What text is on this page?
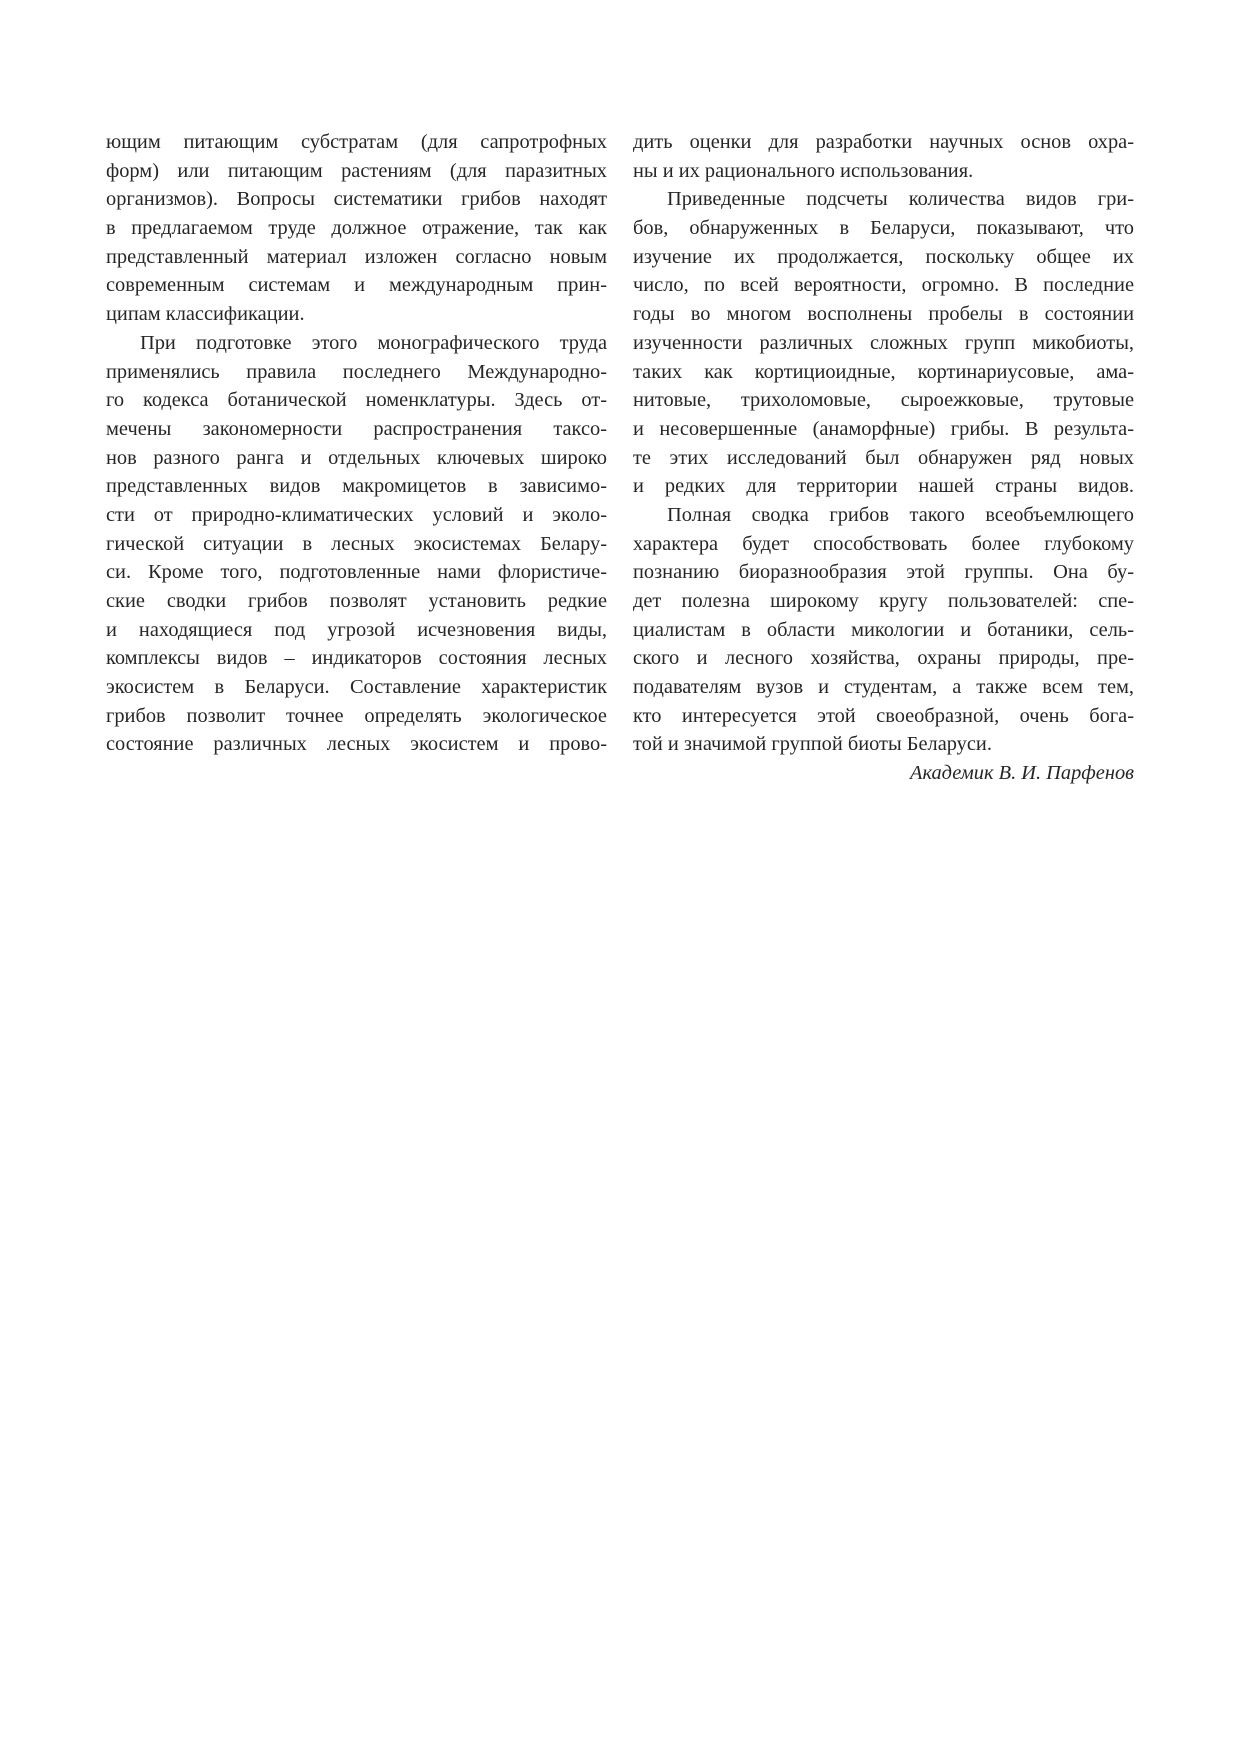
ющим питающим субстратам (для сапротрофных
форм) или питающим растениям (для паразитных
организмов). Вопросы систематики грибов находят
в предлагаемом труде должное отражение, так как
представленный материал изложен согласно новым
современным системам и международным прин-
ципам классификации.
При подготовке этого монографического труда
применялись правила последнего Международно-
го кодекса ботанической номенклатуры. Здесь от-
мечены закономерности распространения таксо-
нов разного ранга и отдельных ключевых широко
представленных видов макромицетов в зависимо-
сти от природно-климатических условий и эколо-
гической ситуации в лесных экосистемах Белару-
си. Кроме того, подготовленные нами флористиче-
ские сводки грибов позволят установить редкие
и находящиеся под угрозой исчезновения виды,
комплексы видов – индикаторов состояния лесных
экосистем в Беларуси. Составление характеристик
грибов позволит точнее определять экологическое
состояние различных лесных экосистем и прово-
дить оценки для разработки научных основ охра-
ны и их рационального использования.
Приведенные подсчеты количества видов гри-
бов, обнаруженных в Беларуси, показывают, что
изучение их продолжается, поскольку общее их
число, по всей вероятности, огромно. В последние
годы во многом восполнены пробелы в состоянии
изученности различных сложных групп микобиоты,
таких как кортициоидные, кортинариусовые, ама-
нитовые, трихоломовые, сыроежковые, трутовые
и несовершенные (анаморфные) грибы. В результа-
те этих исследований был обнаружен ряд новых
и редких для территории нашей страны видов.
Полная сводка грибов такого всеобъемлющего
характера будет способствовать более глубокому
познанию биоразнообразия этой группы. Она бу-
дет полезна широкому кругу пользователей: спе-
циалистам в области микологии и ботаники, сель-
ского и лесного хозяйства, охраны природы, пре-
подавателям вузов и студентам, а также всем тем,
кто интересуется этой своеобразной, очень бога-
той и значимой группой биоты Беларуси.
Академик В. И. Парфенов
